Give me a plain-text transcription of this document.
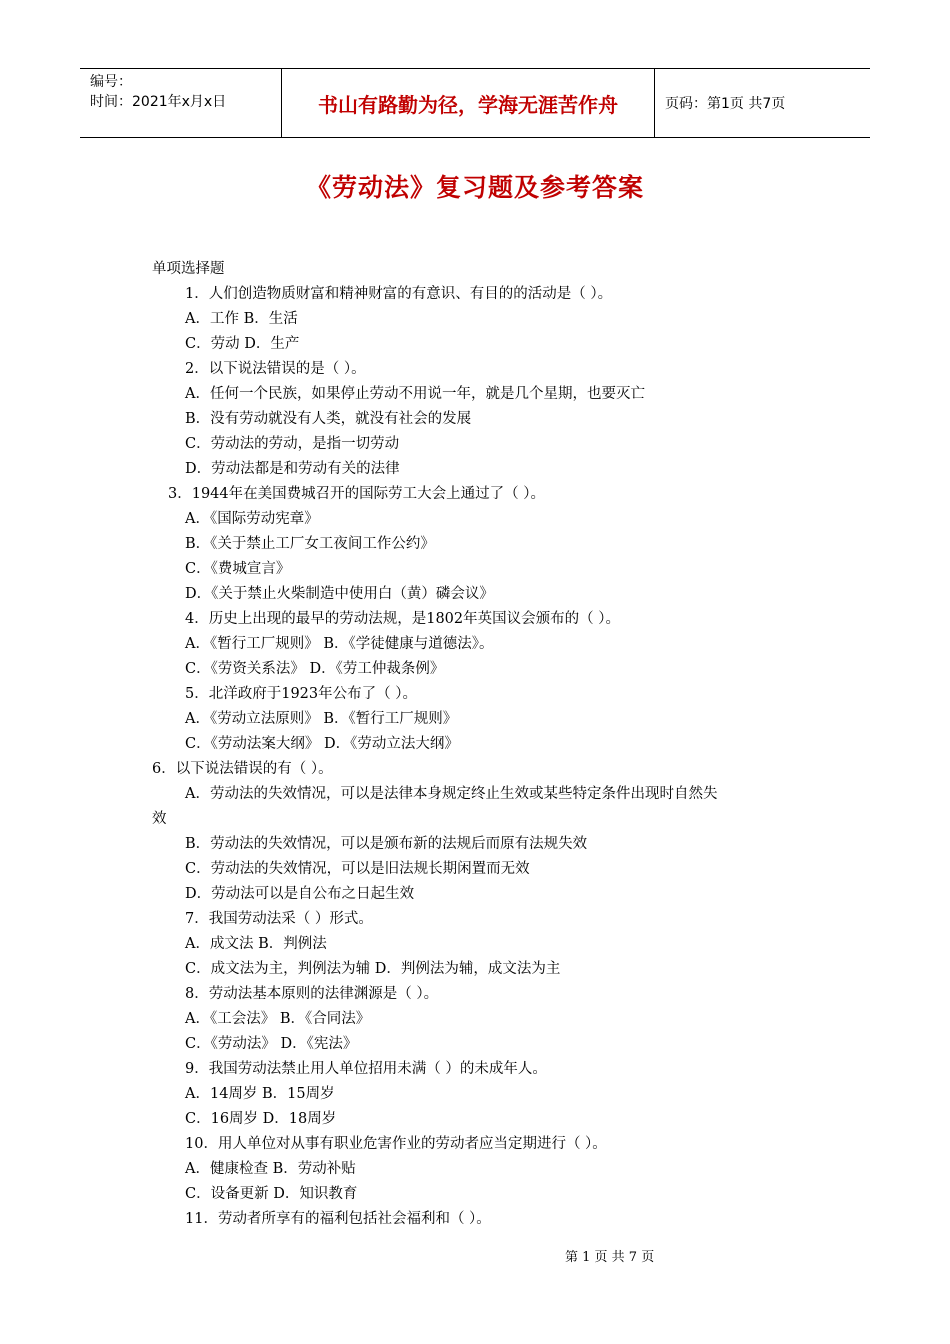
编号：
时间：2021年x月x日	书山有路勤为径，学海无涯苦作舟	页码：第1页 共7页
《劳动法》复习题及参考答案
单项选择题
1．人们创造物质财富和精神财富的有意识、有目的的活动是（ ）。
A．工作 B．生活
C．劳动 D．生产
2．以下说法错误的是（ ）。
A．任何一个民族，如果停止劳动不用说一年，就是几个星期，也要灭亡
B．没有劳动就没有人类，就没有社会的发展
C．劳动法的劳动，是指一切劳动
D．劳动法都是和劳动有关的法律
3．1944年在美国费城召开的国际劳工大会上通过了（ ）。
A．《国际劳动宪章》
B．《关于禁止工厂女工夜间工作公约》
C．《费城宣言》
D．《关于禁止火柴制造中使用白（黄）磷会议》
4．历史上出现的最早的劳动法规，是1802年英国议会颁布的（ ）。
A．《暂行工厂规则》 B．《学徒健康与道德法》。
C．《劳资关系法》 D．《劳工仲裁条例》
5．北洋政府于1923年公布了（ ）。
A．《劳动立法原则》 B．《暂行工厂规则》
C．《劳动法案大纲》 D．《劳动立法大纲》
6．以下说法错误的有（ ）。
A．劳动法的失效情况，可以是法律本身规定终止生效或某些特定条件出现时自然失
效
B．劳动法的失效情况，可以是颁布新的法规后而原有法规失效
C．劳动法的失效情况，可以是旧法规长期闲置而无效
D．劳动法可以是自公布之日起生效
7．我国劳动法采（ ）形式。
A．成文法 B．判例法
C．成文法为主，判例法为辅 D．判例法为辅，成文法为主
8．劳动法基本原则的法律渊源是（ ）。
A．《工会法》 B．《合同法》
C．《劳动法》 D．《宪法》
9．我国劳动法禁止用人单位招用未满（ ）的未成年人。
A．14周岁 B．15周岁
C．16周岁 D．18周岁
10．用人单位对从事有职业危害作业的劳动者应当定期进行（ ）。
A．健康检查 B．劳动补贴
C．设备更新 D．知识教育
11．劳动者所享有的福利包括社会福利和（ ）。
第 1 页 共 7 页
